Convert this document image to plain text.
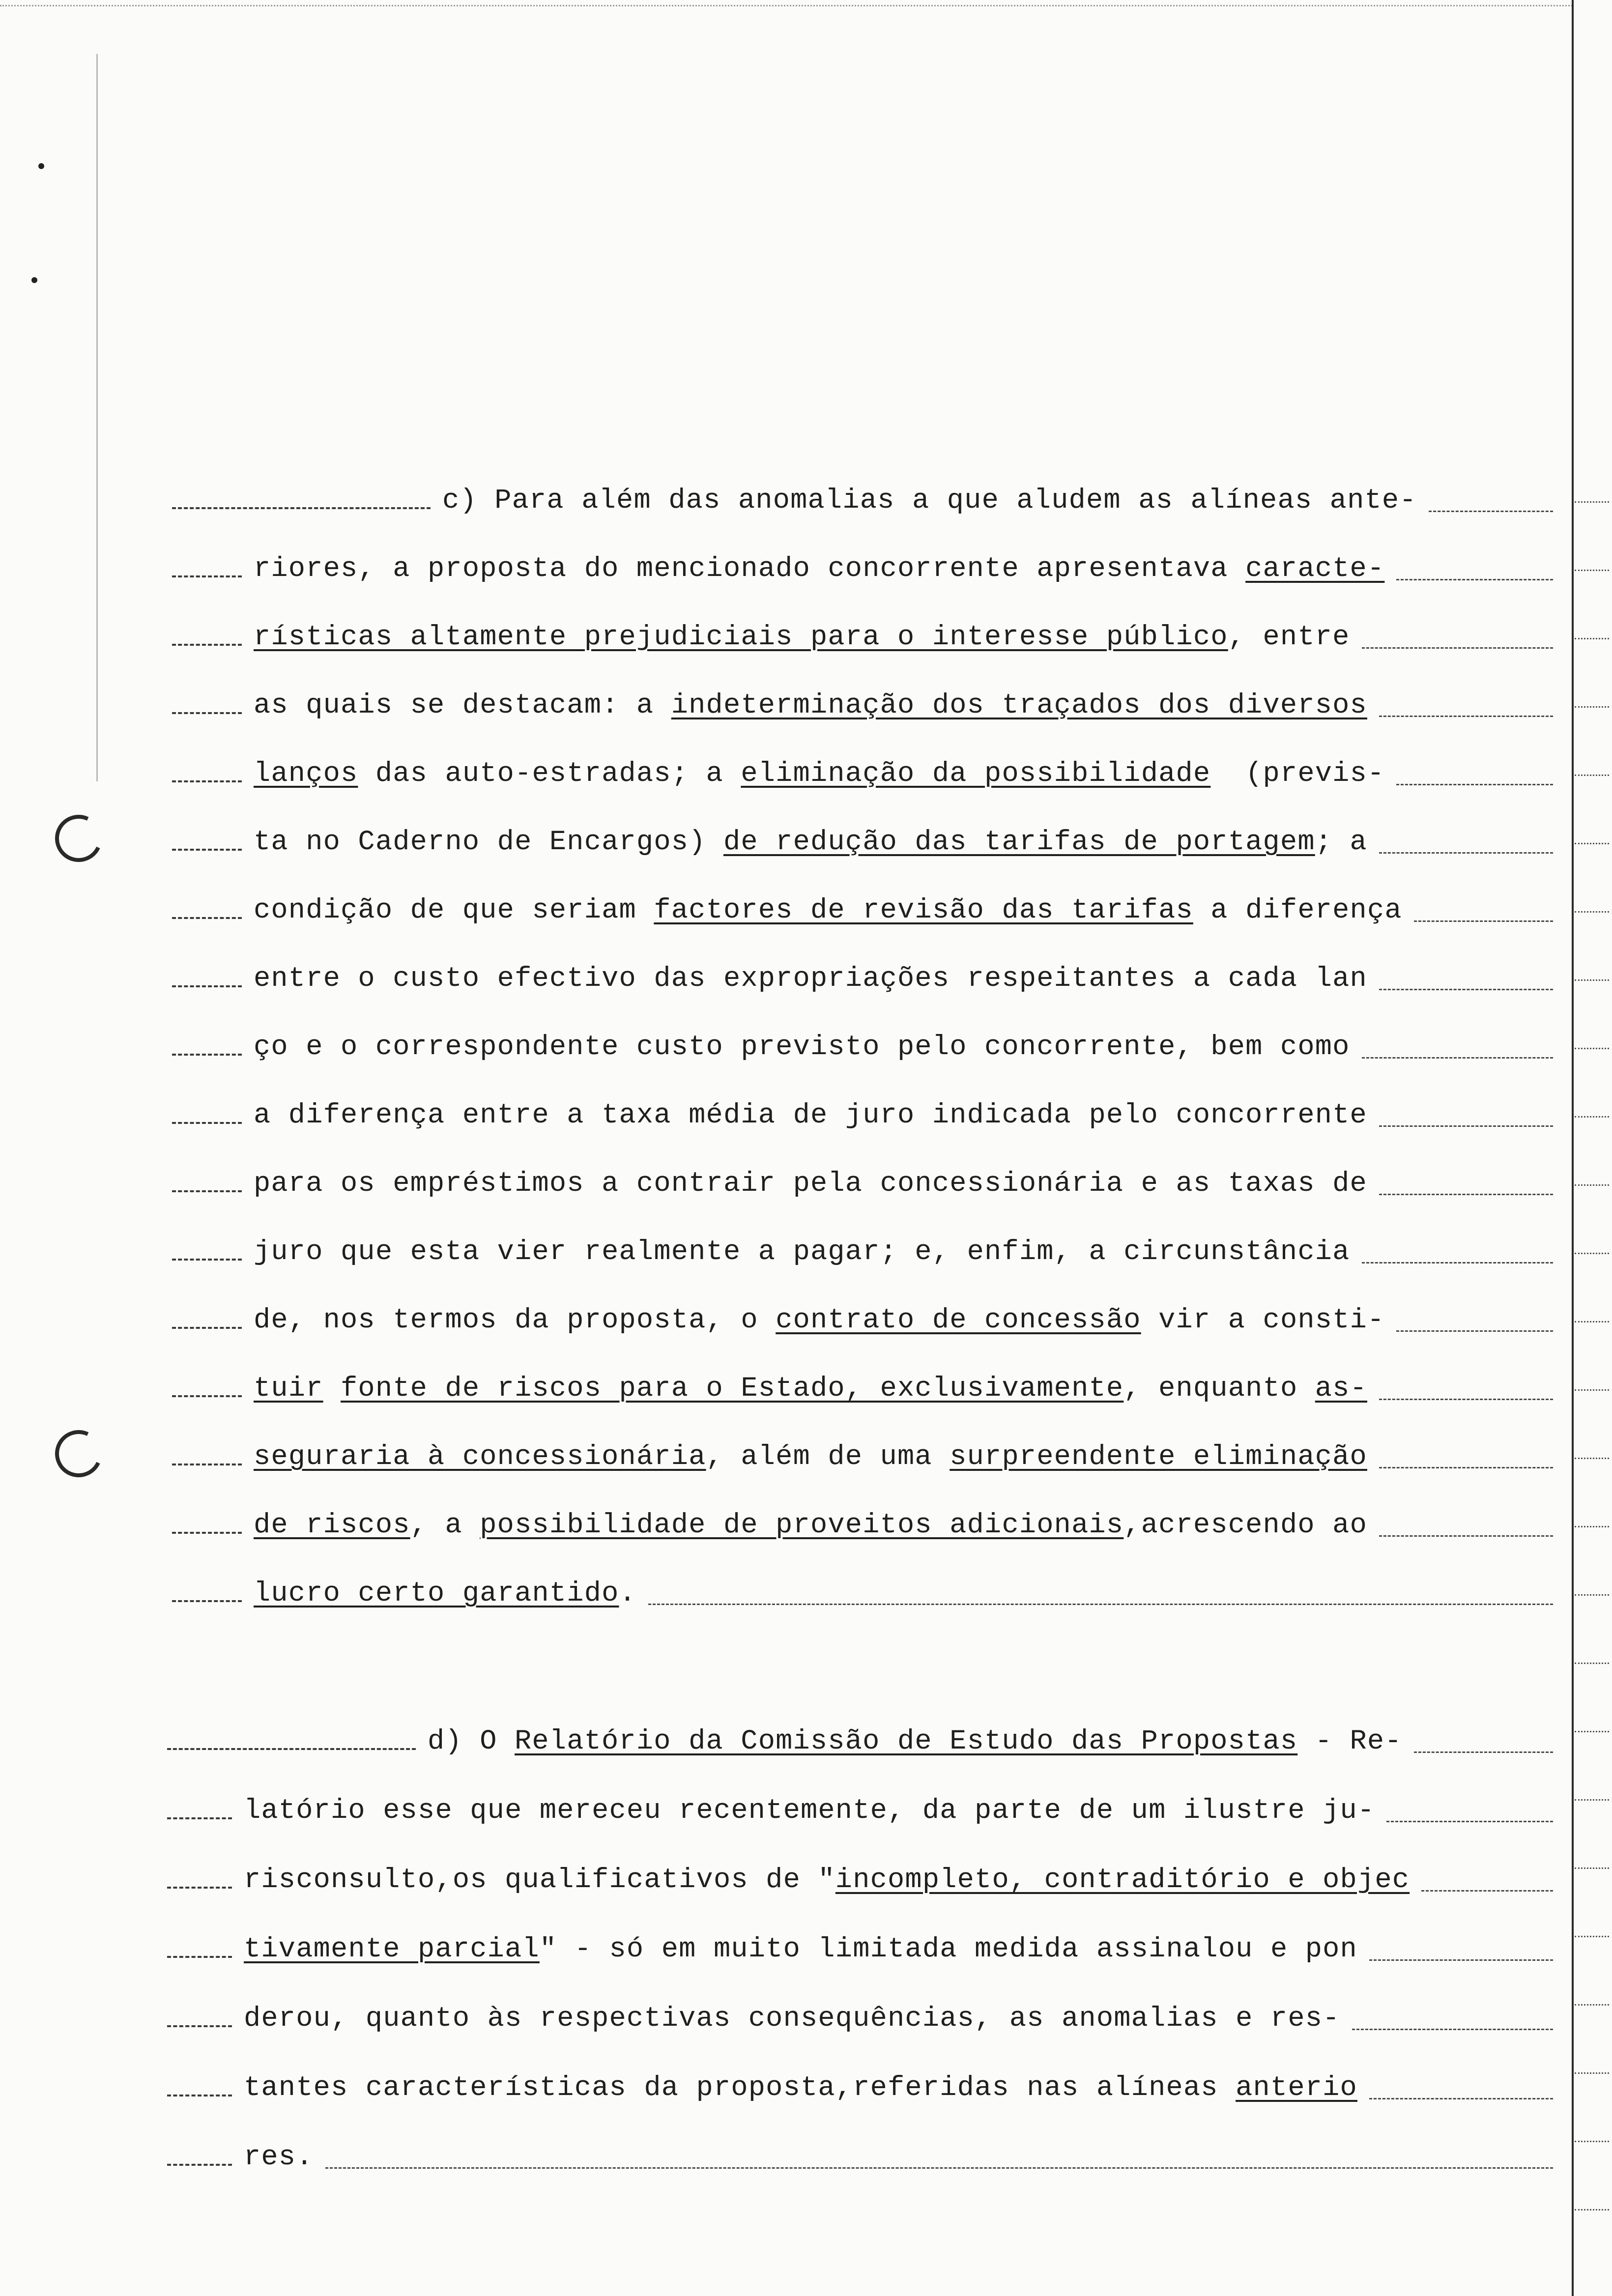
c) Para além das anomalias a que aludem as alíneas ante-

riores, a proposta do mencionado concorrente apresentava caracte-

rísticas altamente prejudiciais para o interesse público, entre

as quais se destacam: a indeterminação dos traçados dos diversos

lanços das auto-estradas; a eliminação da possibilidade  (previs-

ta no Caderno de Encargos) de redução das tarifas de portagem; a

condição de que seriam factores de revisão das tarifas a diferença

entre o custo efectivo das expropriações respeitantes a cada lan

ço e o correspondente custo previsto pelo concorrente, bem como

a diferença entre a taxa média de juro indicada pelo concorrente

para os empréstimos a contrair pela concessionária e as taxas de

juro que esta vier realmente a pagar; e, enfim, a circunstância

de, nos termos da proposta, o contrato de concessão vir a consti-

tuir fonte de riscos para o Estado, exclusivamente, enquanto as-

seguraria à concessionária, além de uma surpreendente eliminação

de riscos, a possibilidade de proveitos adicionais,acrescendo ao

lucro certo garantido.

d) O Relatório da Comissão de Estudo das Propostas - Re-

latório esse que mereceu recentemente, da parte de um ilustre ju-

risconsulto,os qualificativos de "incompleto, contraditório e objec

tivamente parcial" - só em muito limitada medida assinalou e pon

derou, quanto às respectivas consequências, as anomalias e res-

tantes características da proposta,referidas nas alíneas anterio

res.
